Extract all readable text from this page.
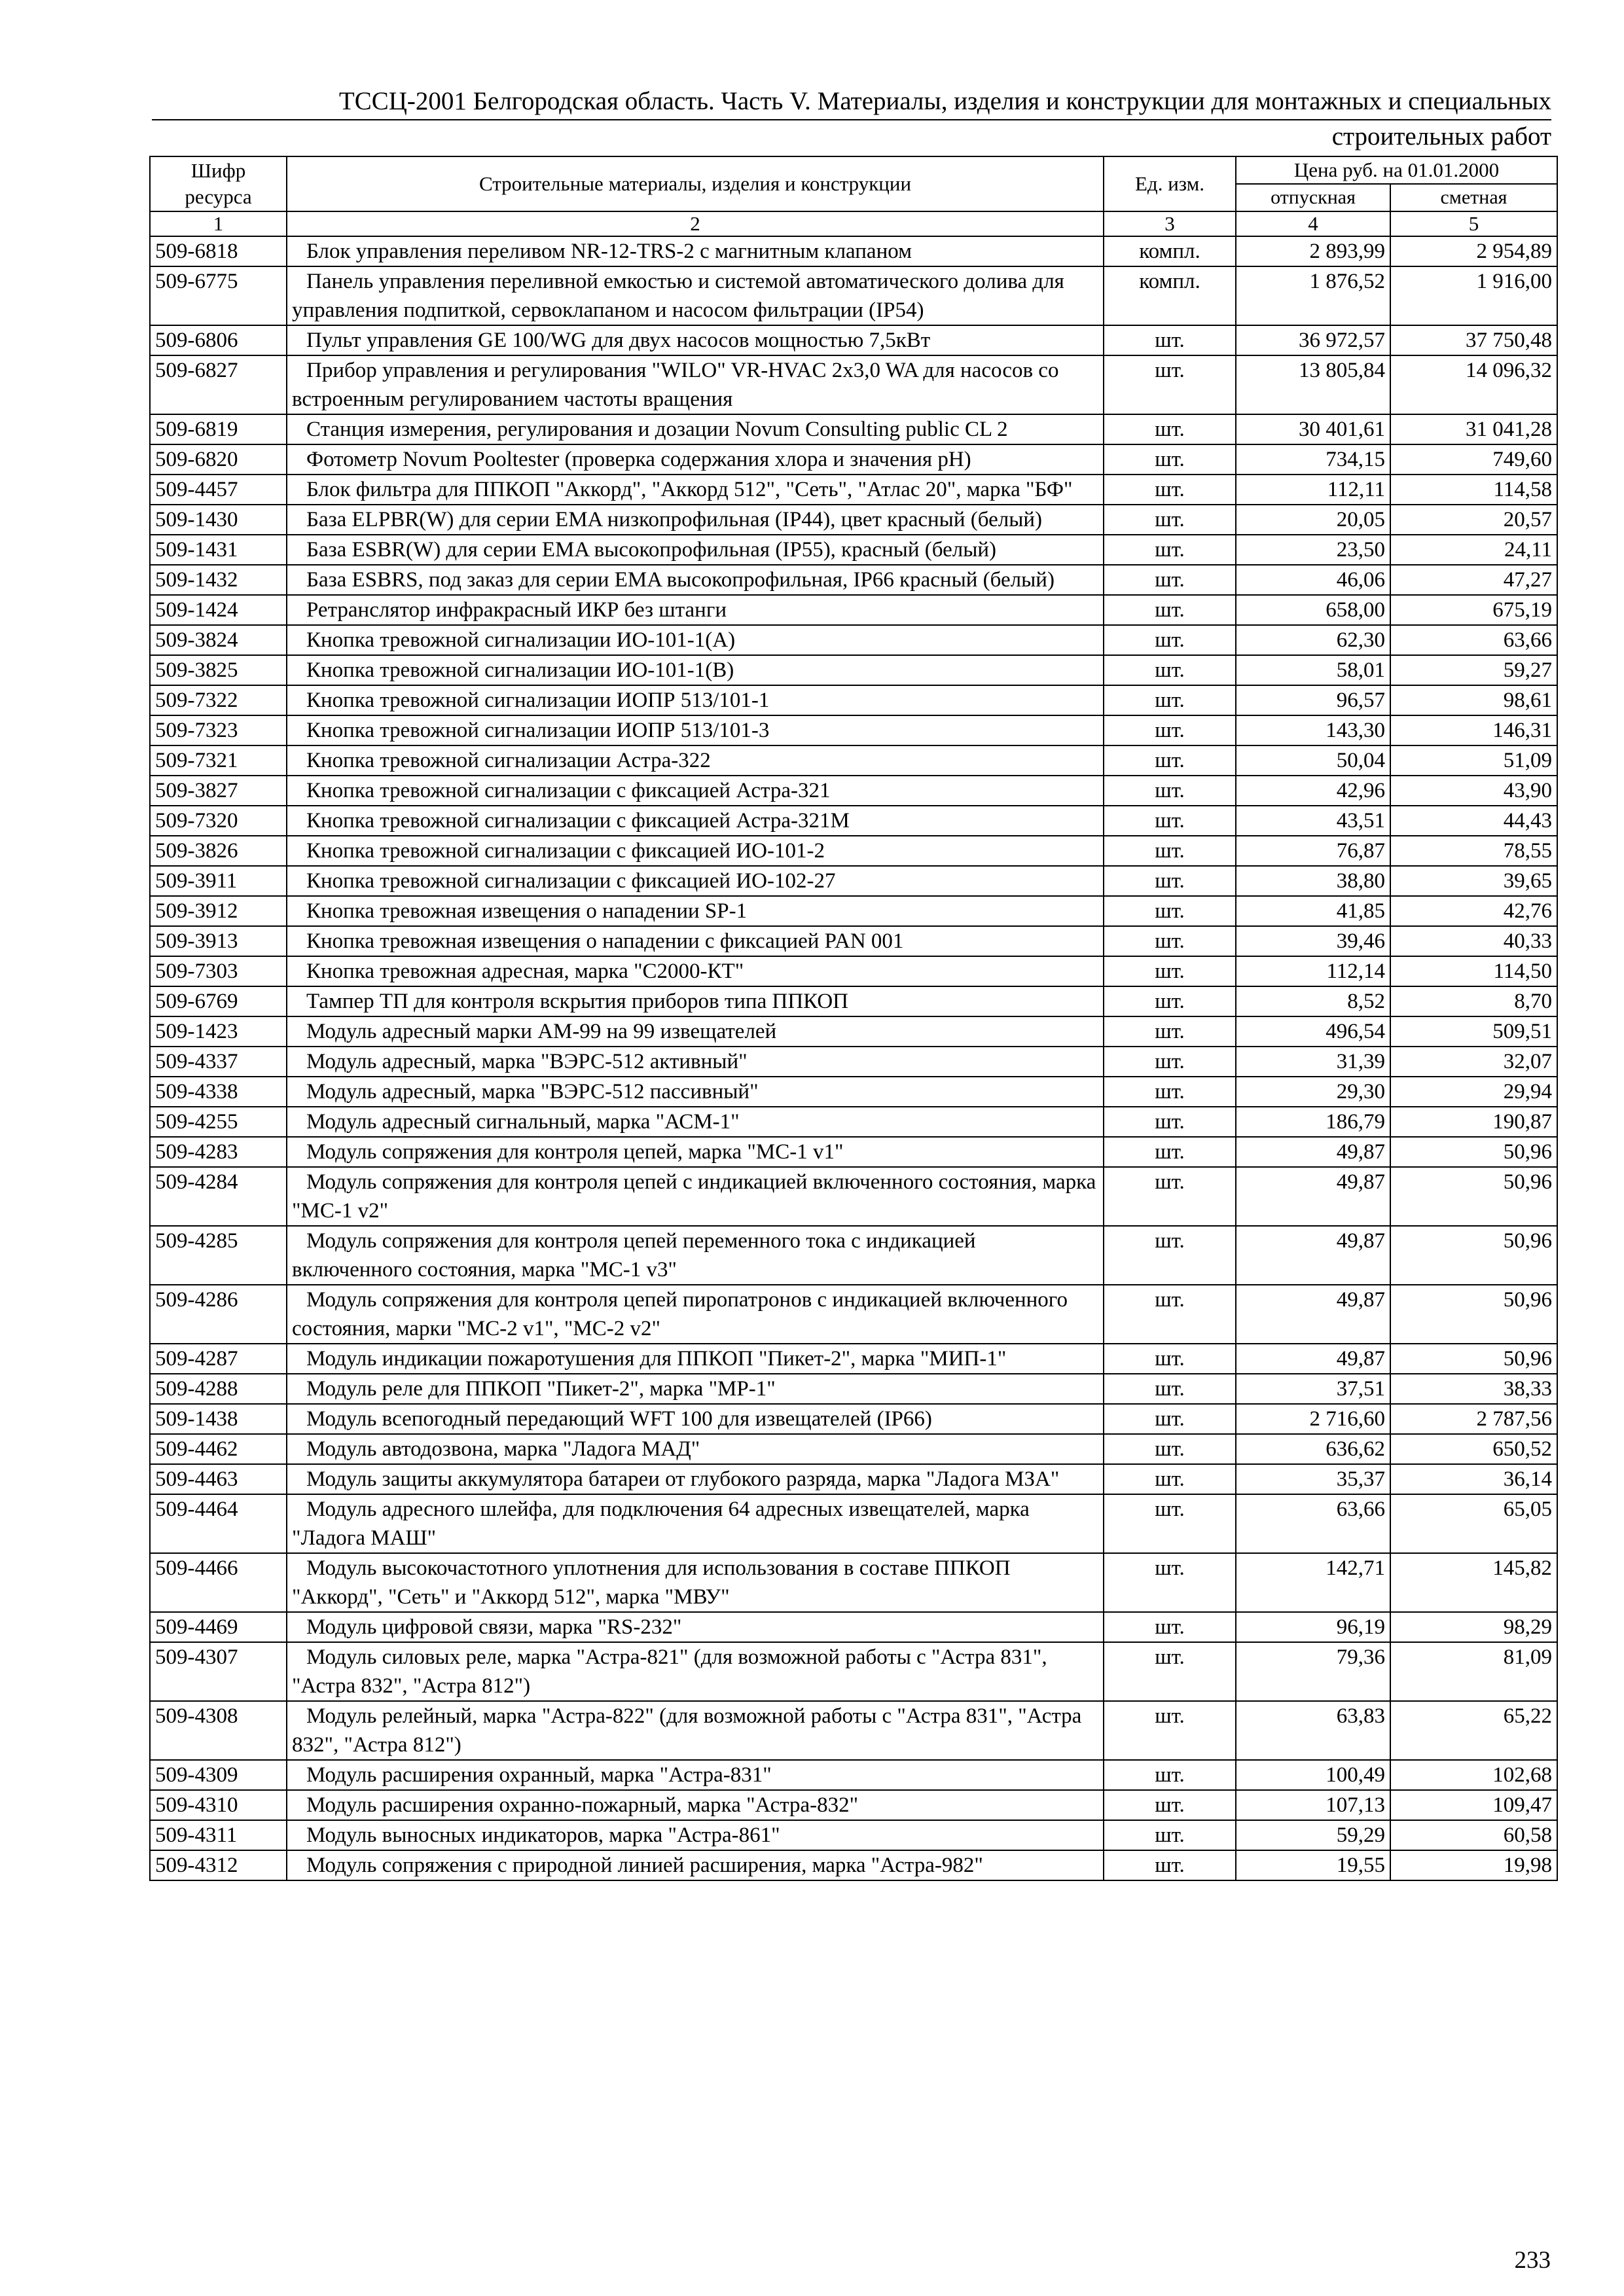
ТССЦ-2001 Белгородская область. Часть V. Материалы, изделия и конструкции для монтажных и специальных
строительных работ
Шифр ресурса	Строительные материалы, изделия и конструкции	Ед. изм.	Цена руб. на 01.01.2000	
			отпускная	сметная
1	2	3	4	5
509-6818	Блок управления переливом NR-12-TRS-2 с магнитным клапаном	компл.	2 893,99	2 954,89
509-6775	Панель управления переливной емкостью и системой автоматического долива для управления подпиткой, сервоклапаном и насосом фильтрации (IP54)	компл.	1 876,52	1 916,00
509-6806	Пульт управления GE 100/WG для двух насосов мощностью 7,5кВт	шт.	36 972,57	37 750,48
509-6827	Прибор управления и регулирования "WILO" VR-HVAC 2x3,0 WA для насосов со встроенным регулированием частоты вращения	шт.	13 805,84	14 096,32
509-6819	Станция измерения, регулирования и дозации Novum Consulting public CL 2	шт.	30 401,61	31 041,28
509-6820	Фотометр Novum Pooltester (проверка содержания хлора и значения pH)	шт.	734,15	749,60
509-4457	Блок фильтра для ППКОП "Аккорд", "Аккорд 512", "Сеть", "Атлас 20", марка "БФ"	шт.	112,11	114,58
509-1430	База ELPBR(W) для серии EMA низкопрофильная (IP44), цвет красный (белый)	шт.	20,05	20,57
509-1431	База ESBR(W) для серии EMA высокопрофильная (IP55), красный (белый)	шт.	23,50	24,11
509-1432	База ESBRS, под заказ для серии EMA высокопрофильная, IP66 красный (белый)	шт.	46,06	47,27
509-1424	Ретранслятор инфракрасный ИКР без штанги	шт.	658,00	675,19
509-3824	Кнопка тревожной сигнализации ИО-101-1(А)	шт.	62,30	63,66
509-3825	Кнопка тревожной сигнализации ИО-101-1(В)	шт.	58,01	59,27
509-7322	Кнопка тревожной сигнализации ИОПР 513/101-1	шт.	96,57	98,61
509-7323	Кнопка тревожной сигнализации ИОПР 513/101-3	шт.	143,30	146,31
509-7321	Кнопка тревожной сигнализации Астра-322	шт.	50,04	51,09
509-3827	Кнопка тревожной сигнализации с фиксацией Астра-321	шт.	42,96	43,90
509-7320	Кнопка тревожной сигнализации с фиксацией Астра-321М	шт.	43,51	44,43
509-3826	Кнопка тревожной сигнализации с фиксацией ИО-101-2	шт.	76,87	78,55
509-3911	Кнопка тревожной сигнализации с фиксацией ИО-102-27	шт.	38,80	39,65
509-3912	Кнопка тревожная извещения о нападении SP-1	шт.	41,85	42,76
509-3913	Кнопка тревожная извещения о нападении с фиксацией PAN 001	шт.	39,46	40,33
509-7303	Кнопка тревожная адресная, марка "С2000-КТ"	шт.	112,14	114,50
509-6769	Тампер ТП для контроля вскрытия приборов типа ППКОП	шт.	8,52	8,70
509-1423	Модуль адресный марки АМ-99 на 99 извещателей	шт.	496,54	509,51
509-4337	Модуль адресный, марка "ВЭРС-512 активный"	шт.	31,39	32,07
509-4338	Модуль адресный, марка "ВЭРС-512 пассивный"	шт.	29,30	29,94
509-4255	Модуль адресный сигнальный, марка "АСМ-1"	шт.	186,79	190,87
509-4283	Модуль сопряжения для контроля цепей, марка "МС-1 v1"	шт.	49,87	50,96
509-4284	Модуль сопряжения для контроля цепей с индикацией включенного состояния, марка "МС-1 v2"	шт.	49,87	50,96
509-4285	Модуль сопряжения для контроля цепей переменного тока с индикацией включенного состояния, марка "МС-1 v3"	шт.	49,87	50,96
509-4286	Модуль сопряжения для контроля цепей пиропатронов с индикацией включенного состояния, марки "МС-2 v1", "МС-2 v2"	шт.	49,87	50,96
509-4287	Модуль индикации пожаротушения для ППКОП "Пикет-2", марка "МИП-1"	шт.	49,87	50,96
509-4288	Модуль реле для ППКОП "Пикет-2", марка "МР-1"	шт.	37,51	38,33
509-1438	Модуль всепогодный передающий WFT 100 для извещателей (IP66)	шт.	2 716,60	2 787,56
509-4462	Модуль автодозвона, марка "Ладога МАД"	шт.	636,62	650,52
509-4463	Модуль защиты аккумулятора батареи от глубокого разряда, марка "Ладога МЗА"	шт.	35,37	36,14
509-4464	Модуль адресного шлейфа, для подключения 64 адресных извещателей, марка "Ладога МАШ"	шт.	63,66	65,05
509-4466	Модуль высокочастотного уплотнения для использования в составе ППКОП "Аккорд", "Сеть" и "Аккорд 512", марка "МВУ"	шт.	142,71	145,82
509-4469	Модуль цифровой связи, марка "RS-232"	шт.	96,19	98,29
509-4307	Модуль силовых реле, марка "Астра-821" (для возможной работы с "Астра 831", "Астра 832", "Астра 812")	шт.	79,36	81,09
509-4308	Модуль релейный, марка "Астра-822" (для возможной работы с "Астра 831", "Астра 832", "Астра 812")	шт.	63,83	65,22
509-4309	Модуль расширения охранный, марка "Астра-831"	шт.	100,49	102,68
509-4310	Модуль расширения охранно-пожарный, марка "Астра-832"	шт.	107,13	109,47
509-4311	Модуль выносных индикаторов, марка "Астра-861"	шт.	59,29	60,58
509-4312	Модуль сопряжения с природной линией расширения, марка "Астра-982"	шт.	19,55	19,98
233
